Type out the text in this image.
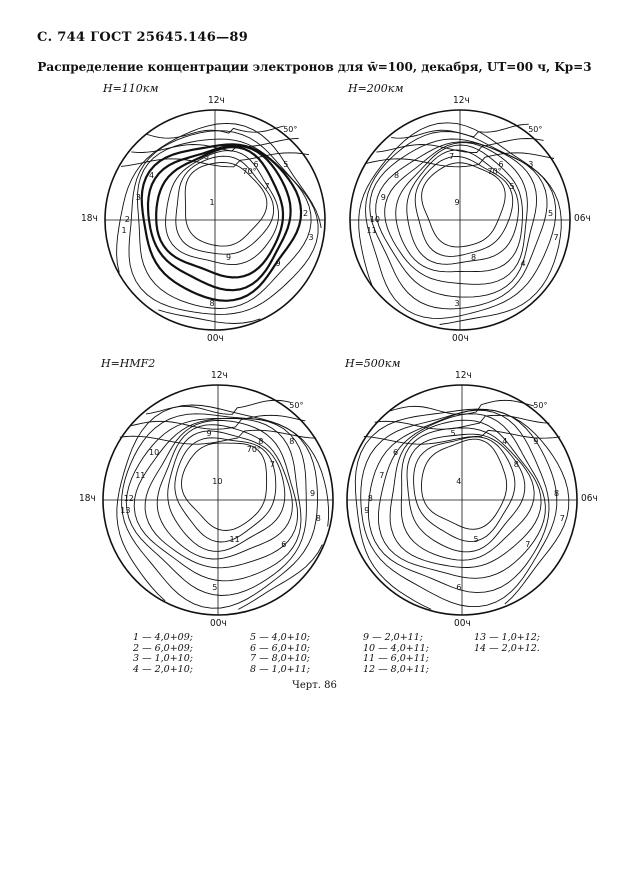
С. 744 ГОСТ 25645.146—89
Распределение концентрации электронов для w̄=100, декабря, UT=00 ч, Kp=3
H=110км
12ч
00ч
18ч
50°
70°
1
2
3
4
5
6
7
9
8
9
1
2
3
5
H=200км
12ч
00ч
06ч
50°
70°
11
10
9
8
7
6
5
4
3
8
9
5
7
3
H=HMF2
12ч
00ч
18ч
50°
70°
13
12
11
10
9
8
7
6
5
11
10
9
8
8
H=500км
12ч
00ч
06ч
50°
9
8
7
6
5
4
8
7
6
5
4
8
7
9
1 — 4,0+09;
2 — 6,0+09;
3 — 1,0+10;
4 — 2,0+10;
5 — 4,0+10;
6 — 6,0+10;
7 — 8,0+10;
8 — 1,0+11;
9 — 2,0+11;
10 — 4,0+11;
11 — 6,0+11;
12 — 8,0+11;
13 — 1,0+12;
14 — 2,0+12.
Черт. 86
